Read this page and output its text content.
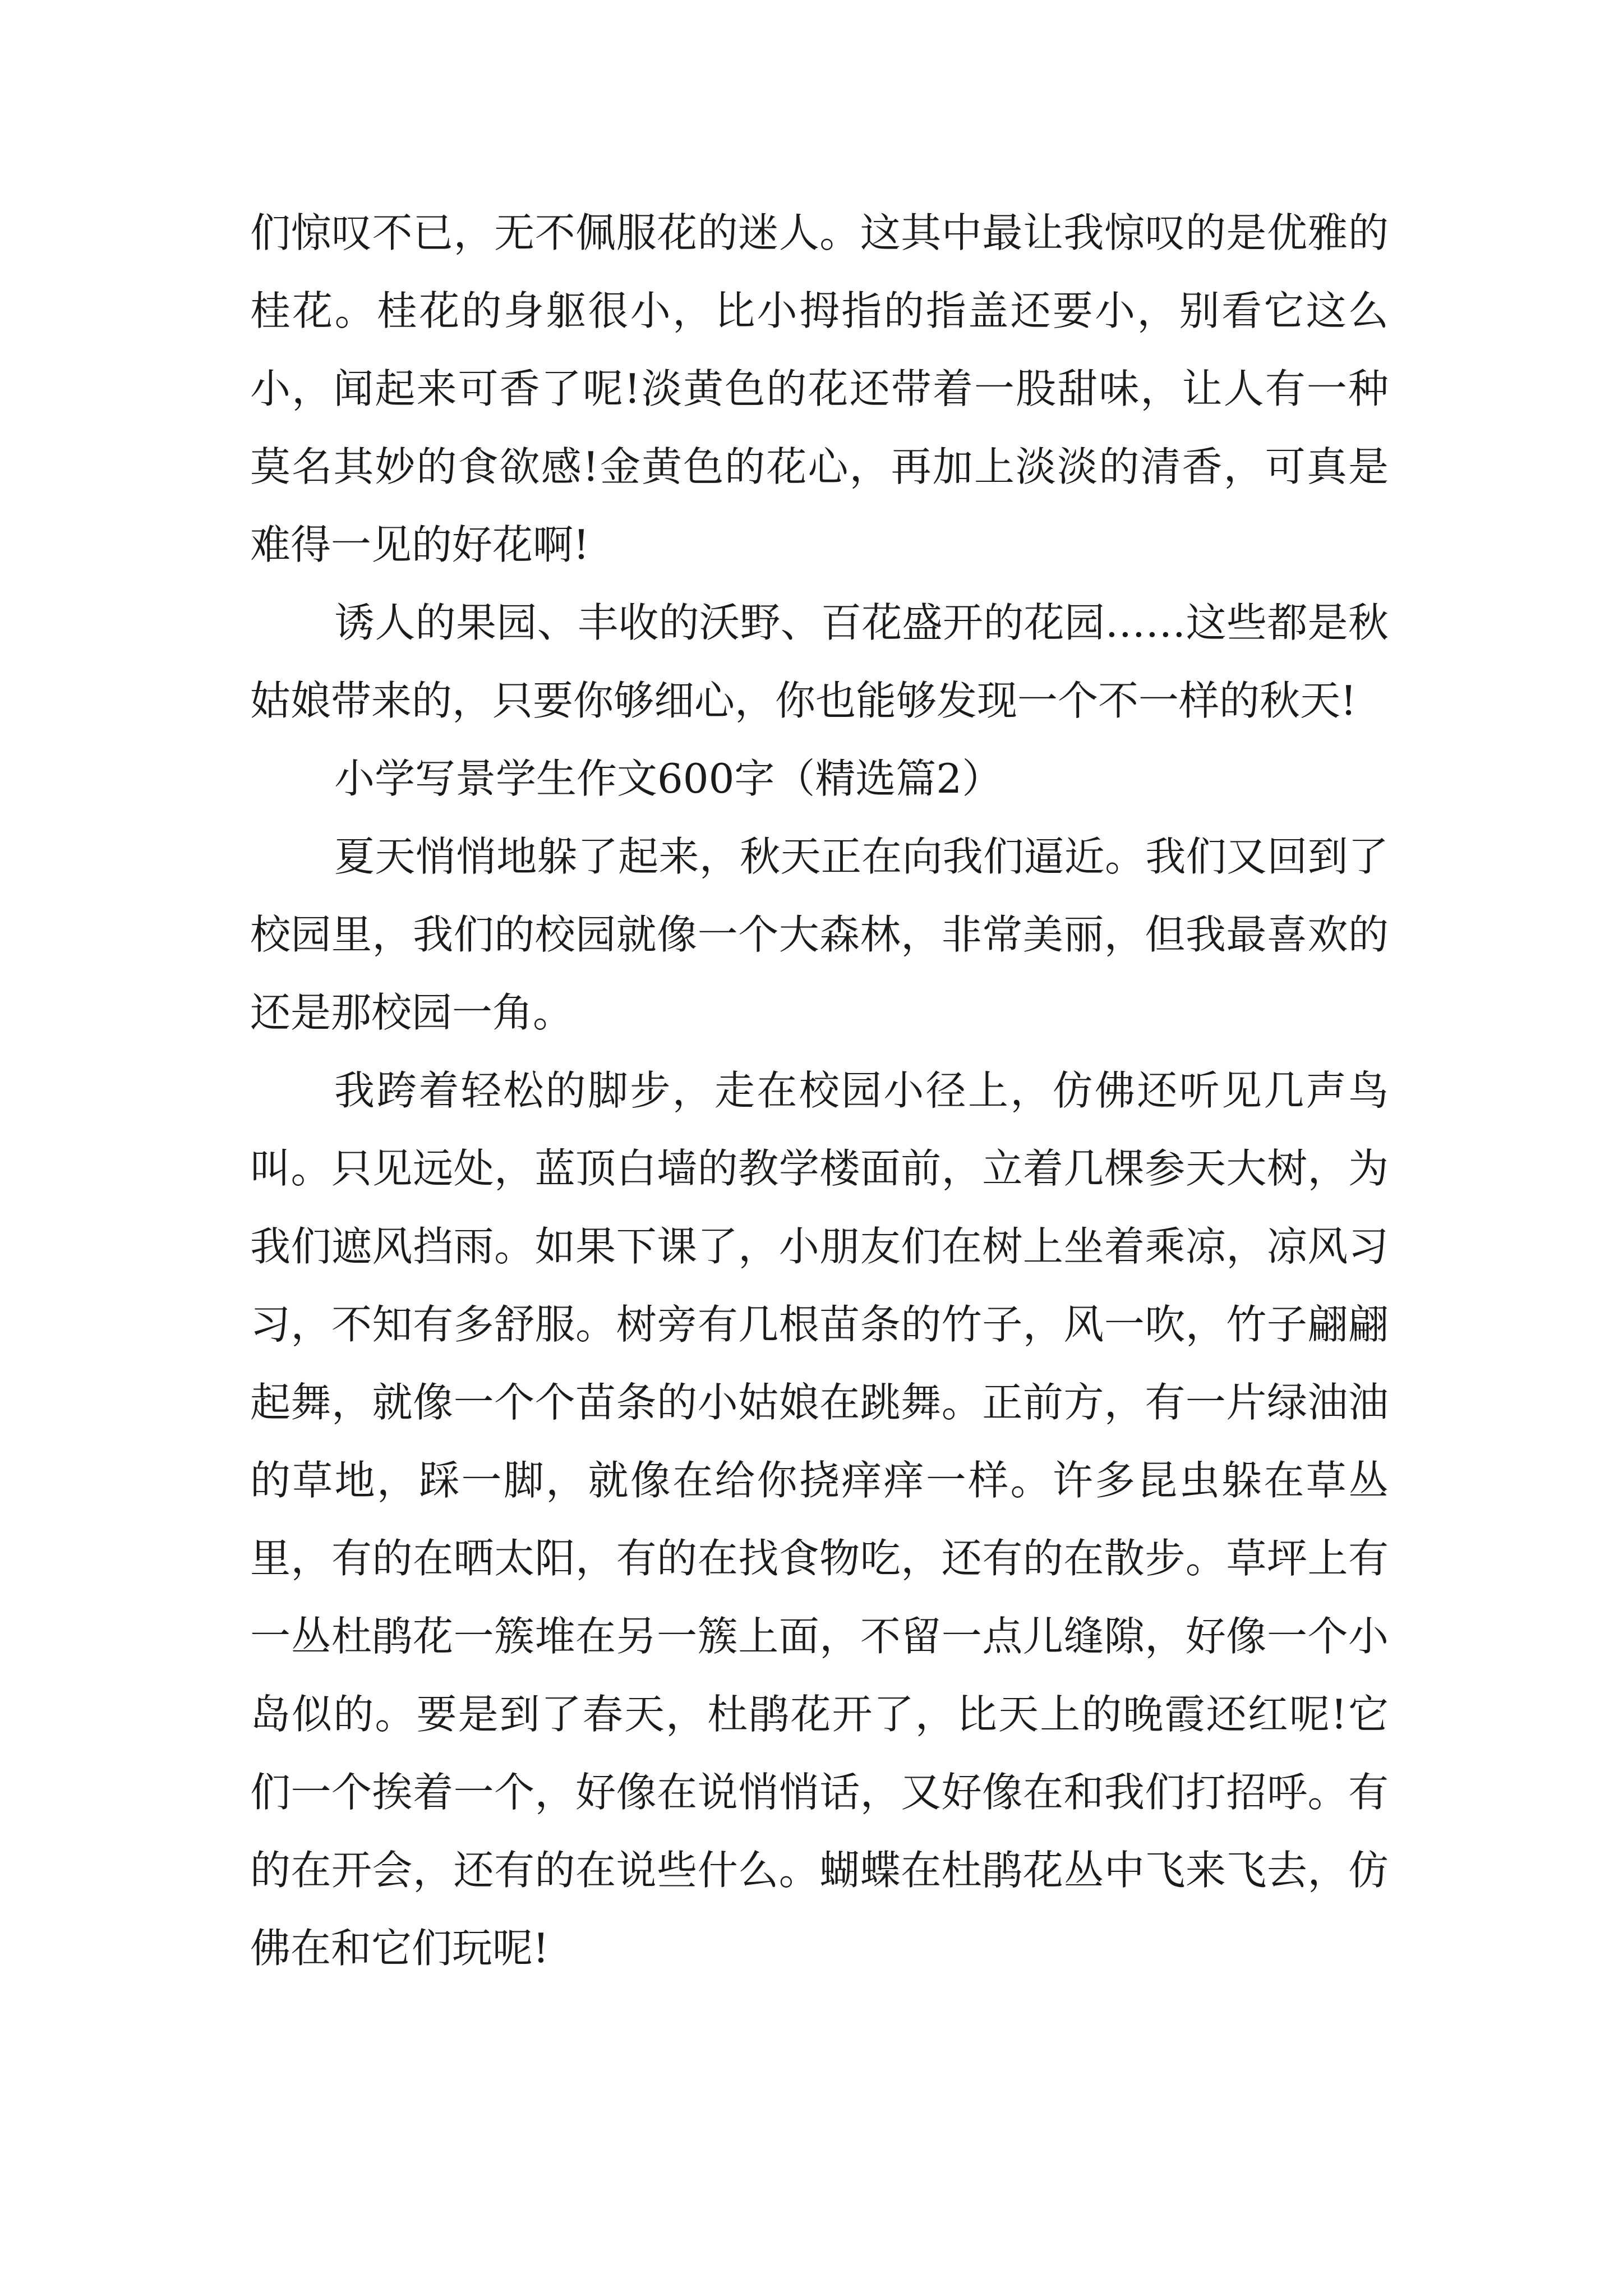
们惊叹不已，无不佩服花的迷人。这其中最让我惊叹的是优雅的桂花。桂花的身躯很小，比小拇指的指盖还要小，别看它这么小，闻起来可香了呢!淡黄色的花还带着一股甜味，让人有一种莫名其妙的食欲感!金黄色的花心，再加上淡淡的清香，可真是难得一见的好花啊!

诱人的果园、丰收的沃野、百花盛开的花园……这些都是秋姑娘带来的，只要你够细心，你也能够发现一个不一样的秋天!

小学写景学生作文600字（精选篇2）

夏天悄悄地躲了起来，秋天正在向我们逼近。我们又回到了校园里，我们的校园就像一个大森林，非常美丽，但我最喜欢的还是那校园一角。

我跨着轻松的脚步，走在校园小径上，仿佛还听见几声鸟叫。只见远处，蓝顶白墙的教学楼面前，立着几棵参天大树，为我们遮风挡雨。如果下课了，小朋友们在树上坐着乘凉，凉风习习，不知有多舒服。树旁有几根苗条的竹子，风一吹，竹子翩翩起舞，就像一个个苗条的小姑娘在跳舞。正前方，有一片绿油油的草地，踩一脚，就像在给你挠痒痒一样。许多昆虫躲在草丛里，有的在晒太阳，有的在找食物吃，还有的在散步。草坪上有一丛杜鹃花一簇堆在另一簇上面，不留一点儿缝隙，好像一个小岛似的。要是到了春天，杜鹃花开了，比天上的晚霞还红呢!它们一个挨着一个，好像在说悄悄话，又好像在和我们打招呼。有的在开会，还有的在说些什么。蝴蝶在杜鹃花丛中飞来飞去，仿佛在和它们玩呢!
